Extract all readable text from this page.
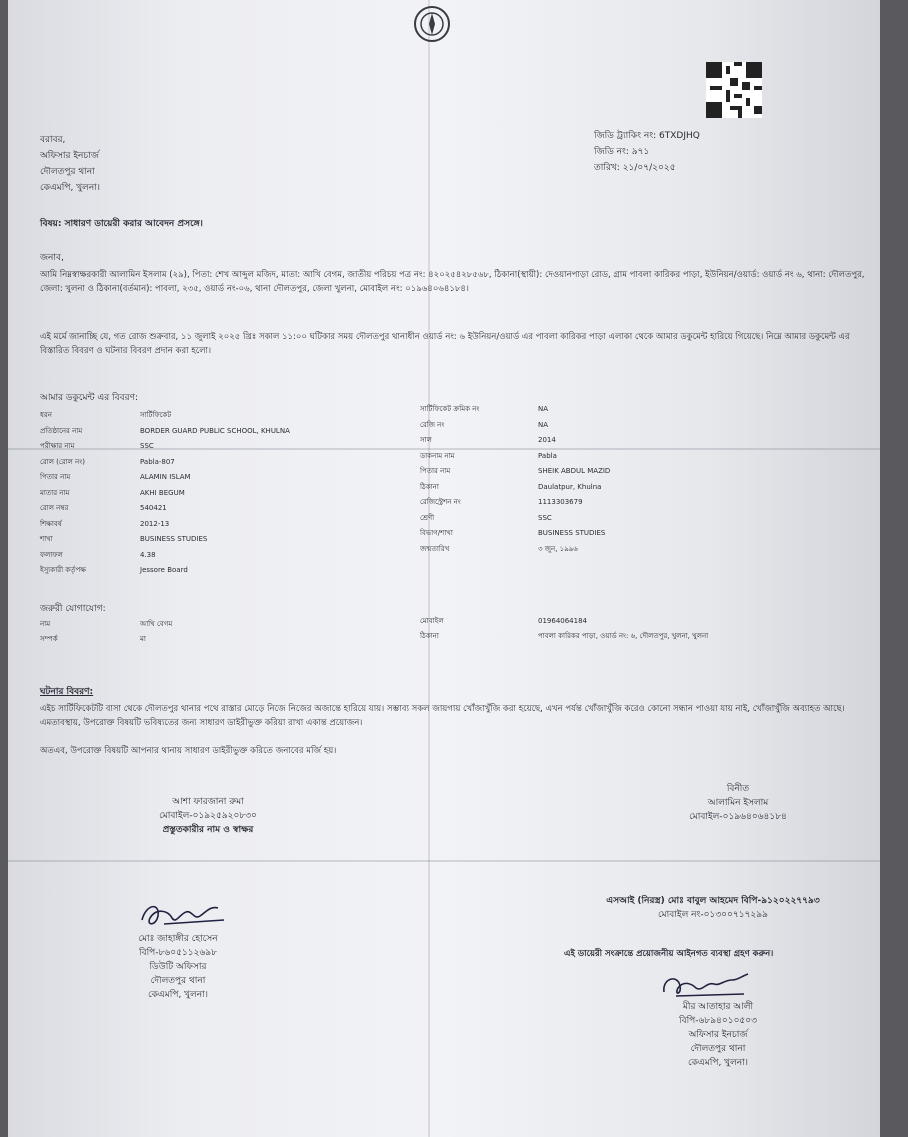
জিডি ট্র্যাকিং নং: 6TXDJHQ
জিডি নং: ৯৭১
তারিখ: ২১/০৭/২০২৫
বরাবর,
অফিসার ইনচার্জ
দৌলতপুর থানা
কেএমপি, খুলনা।
বিষয়: সাধারণ ডায়েরী করার আবেদন প্রসঙ্গে।
জনাব,
আমি নিম্নস্বাক্ষরকারী আলামিন ইসলাম (২৯), পিতা: শেখ আব্দুল মজিদ, মাতা: আখি বেগম, জাতীয় পরিচয় পত্র নং: ৪২০২৫৪২৮৫৬৮, ঠিকানা(স্থায়ী): দেওয়ানপাড়া রোড, গ্রাম পাবলা কারিকর পাড়া, ইউনিয়ন/ওয়ার্ড: ওয়ার্ড নং ৬, থানা: দৌলতপুর, জেলা: খুলনা ও ঠিকানা(বর্তমান): পাবলা, ২৩৫, ওয়ার্ড নং-০৬, থানা দৌলতপুর, জেলা খুলনা, মোবাইল নং: ০১৯৬৪০৬৪১৮৪।
এই মর্মে জানাচ্ছি যে, গত রোজ শুক্রবার, ১১ জুলাই ২০২৫ খ্রিঃ সকাল ১১:০০ ঘটিকার সময় দৌলতপুর থানাধীন ওয়ার্ড নং: ৬ ইউনিয়ন/ওয়ার্ড এর পাবলা কারিকর পাড়া এলাকা থেকে আমার ডকুমেন্ট হারিয়ে গিয়েছে। নিম্নে আমার ডকুমেন্ট এর বিস্তারিত বিবরণ ও ঘটনার বিবরণ প্রদান করা হলো।
আমার ডকুমেন্ট এর বিবরণ:
ধরন	সার্টিফিকেট
প্রতিষ্ঠানের নাম	BORDER GUARD PUBLIC SCHOOL, KHULNA
পরীক্ষার নাম	SSC
রোল (রোল নং)	Pabla-807
পিতার নাম	ALAMIN ISLAM
মাতার নাম	AKHI BEGUM
রোল নম্বর	540421
শিক্ষাবর্ষ	2012-13
শাখা	BUSINESS STUDIES
ফলাফল	4.38
ইস্যুকারী কর্তৃপক্ষ	Jessore Board
সার্টিফিকেট ক্রমিক নং	NA
রেজি নং	NA
সাল	2014
ডাকনাম নাম	Pabla
পিতার নাম	SHEIK ABDUL MAZID
ঠিকানা	Daulatpur, Khulna
রেজিস্ট্রেশন নং	1113303679
শ্রেণী	SSC
বিভাগ/শাখা	BUSINESS STUDIES
জন্মতারিখ	৩ জুন, ১৯৯৬
জরুরী যোগাযোগ:
নাম	আখি বেগম
সম্পর্ক	মা
মোবাইল	01964064184
ঠিকানা	পাবলা কারিকর পাড়া, ওয়ার্ড নং: ৬, দৌলতপুর, খুলনা, খুলনা
ঘটনার বিবরণ:
এইচ সার্টিফিকেটটি বাসা থেকে দৌলতপুর থানার পথে রাস্তার মোড়ে নিজে নিজের অজান্তে হারিয়ে যায়। সম্ভাব্য সকল জায়গায় খোঁজাখুঁজি করা হয়েছে, এখন পর্যন্ত খোঁজাখুঁজি করেও কোনো সন্ধান পাওয়া যায় নাই, খোঁজাখুঁজি অব্যাহত আছে। এমতাবস্থায়, উপরোক্ত বিষয়টি ভবিষ্যতের জন্য সাধারণ ডাইরীভুক্ত করিয়া রাখা একান্ত প্রয়োজন।
অতএব, উপরোক্ত বিষয়টি আপনার থানায় সাধারণ ডাইরীভুক্ত করিতে জনাবের মর্জি হয়।
আশা ফারজানা রুমা
মোবাইল-০১৯২৫৯২০৮৩০
প্রস্তুতকারীর নাম ও স্বাক্ষর
বিনীত
আলামিন ইসলাম
মোবাইল-০১৯৬৪০৬৪১৮৪
মোঃ জাহাঙ্গীর হোসেন
বিপি-৮৬০৫১১২৬৯৮
ডিউটি অফিসার
দৌলতপুর থানা
কেএমপি, খুলনা।
এসআই (নিরস্ত্র) মোঃ বাবুল আহমেদ বিপি-৯১২০২২৭৭৯৩
মোবাইল নং-০১৩০০৭১৭২৯৯
এই ডায়েরী সংক্রান্তে প্রয়োজনীয় আইনগত ব্যবস্থা গ্রহণ করুন।
মীর আতাহার আলী
বিপি-৬৮৯৪০১০৫০৩
অফিসার ইনচার্জ
দৌলতপুর থানা
কেএমপি, খুলনা।
